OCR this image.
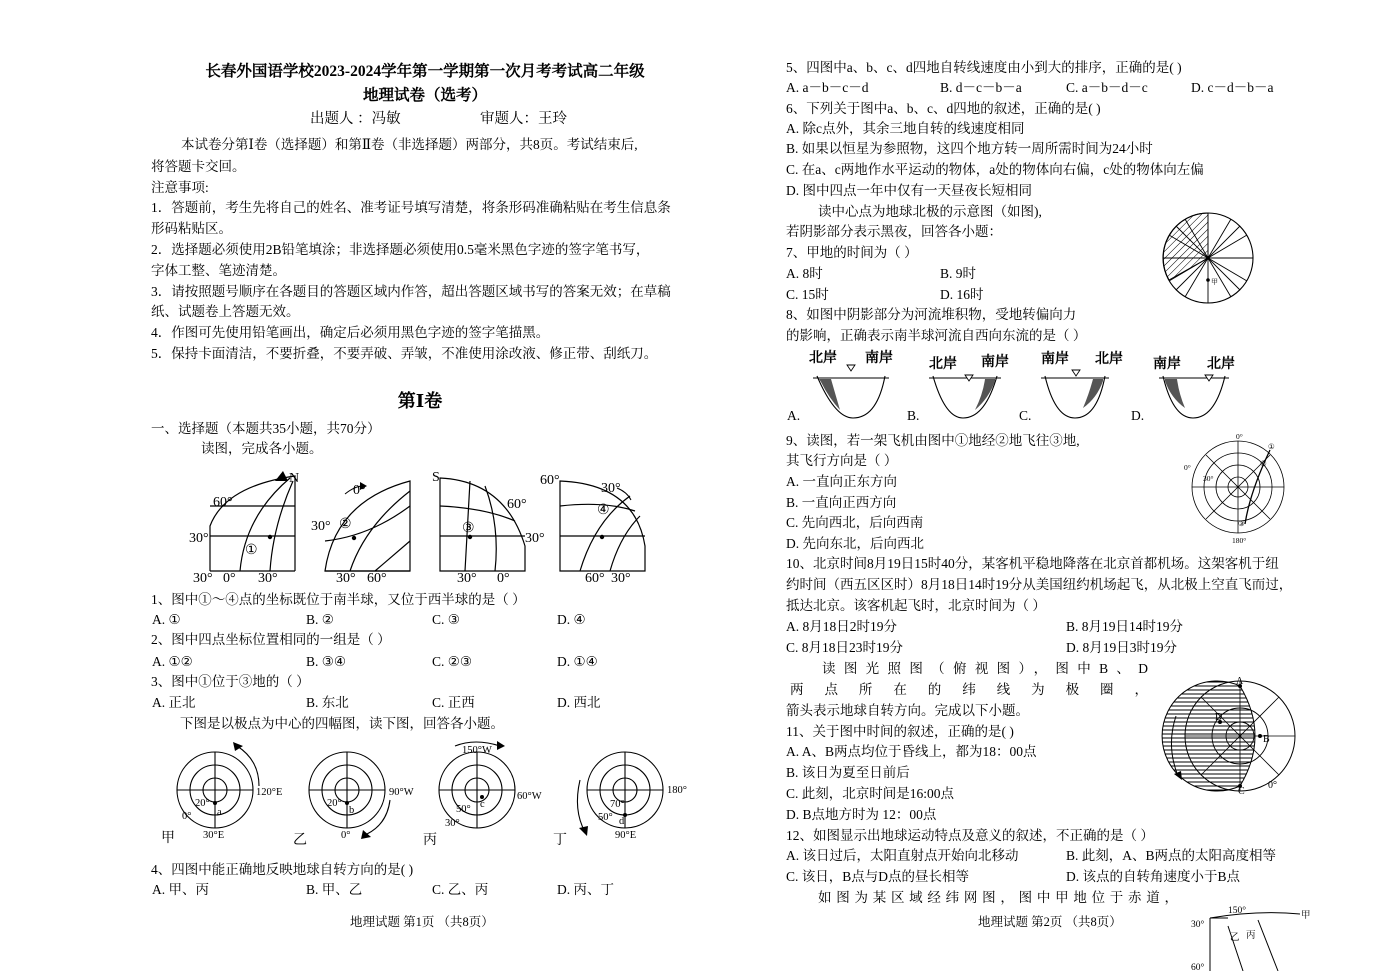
长春外国语学校2023-2024学年第一学期第一次月考考试高二年级
地理试卷（选考）
出题人 ：冯敏	审题人：王玲
本试卷分第Ⅰ卷（选择题）和第Ⅱ卷（非选择题）两部分，共8页。考试结束后,
将答题卡交回。
注意事项:
1．答题前，考生先将自己的姓名、准考证号填写清楚，将条形码准确粘贴在考生信息条
形码粘贴区。
2．选择题必须使用2B铅笔填涂；非选择题必须使用0.5毫米黑色字迹的签字笔书写，
字体工整、笔迹清楚。
3．请按照题号顺序在各题目的答题区域内作答，超出答题区域书写的答案无效；在草稿
纸、试题卷上答题无效。
4．作图可先使用铅笔画出，确定后必须用黑色字迹的签字笔描黑。
5．保持卡面清洁，不要折叠，不要弄破、弄皱，不准使用涂改液、修正带、刮纸刀。
第Ⅰ卷
一、选择题（本题共35小题，共70分）
读图，完成各小题。
N
60°
30°
①
30° 0° 30°
0°
30° ②
30° 60°
S
60°
③
30°
30° 0°
60°
30°
④
60° 30°
1、图中①～④点的坐标既位于南半球，又位于西半球的是（ ）
A. ①	B. ②	C. ③	D. ④
2、图中四点坐标位置相同的一组是（ ）
A. ①②	B. ③④	C. ②③	D. ①④
3、图中①位于③地的（ ）
A. 正北	B. 东北	C. 正西	D. 西北
下图是以极点为中心的四幅图，读下图，回答各小题。
120°E
20°
0° a
30°E
90°W
20°
b
0°
150°W
60°W
50° c
30°
180°
70°
50° d
90°E
甲	乙	丙	丁
4、四图中能正确地反映地球自转方向的是( )
A. 甲、丙	B. 甲、乙	C. 乙、丙	D. 丙、丁
地理试题 第1页 （共8页）
5、四图中a、b、c、d四地自转线速度由小到大的排序，正确的是( )
A. a－b－c－d	B. d－c－b－a	C. a－b－d－c	D. c－d－b－a
6、下列关于图中a、b、c、d四地的叙述，正确的是( )
A. 除c点外，其余三地自转的线速度相同
B. 如果以恒星为参照物，这四个地方转一周所需时间为24小时
C. 在a、c两地作水平运动的物体，a处的物体向右偏，c处的物体向左偏
D. 图中四点一年中仅有一天昼夜长短相同
读中心点为地球北极的示意图（如图),
若阴影部分表示黑夜，回答各小题：
甲
7、甲地的时间为（ ）
A. 8时	B. 9时
C. 15时	D. 16时
8、如图中阴影部分为河流堆积物，受地转偏向力
的影响，正确表示南半球河流自西向东流的是（ ）
北岸 南岸	北岸 南岸 南岸 北岸 南岸 北岸
A.	B.	C.	D.
9、读图，若一架飞机由图中①地经②地飞往③地,
其飞行方向是（ ）
A. 一直向正东方向
B. 一直向正西方向
C. 先向西北，后向西南
D. 先向东北，后向西北
0°
①
②
0°
30°
③
180°
10、北京时间8月19日15时40分，某客机平稳地降落在北京首都机场。这架客机于纽
约时间（西五区区时）8月18日14时19分从美国纽约机场起飞，从北极上空直飞而过，
抵达北京。该客机起飞时，北京时间为（ ）
A. 8月18日2时19分	B. 8月19日14时19分
C. 8月18日23时19分	D. 8月19日3时19分
读图光照图（俯视图），图中B、D
两点所在的纬线为极圈，
箭头表示地球自转方向。完成以下小题。
A
D
B
C
0°
11、关于图中时间的叙述，正确的是( )
A. A、B两点均位于昏线上，都为18：00点
B. 该日为夏至日前后
C. 此刻，北京时间是16:00点
D. B点地方时为 12：00点
12、如图显示出地球运动特点及意义的叙述，不正确的是（ ）
A. 该日过后，太阳直射点开始向北移动	B. 此刻，A、B两点的太阳高度相等
C. 该日，B点与D点的昼长相等	D. 该点的自转角速度小于B点
如图为某区域经纬网图，图中甲地位于赤道，
150°	甲
30°
乙 丙
60°
地理试题 第2页 （共8页）
